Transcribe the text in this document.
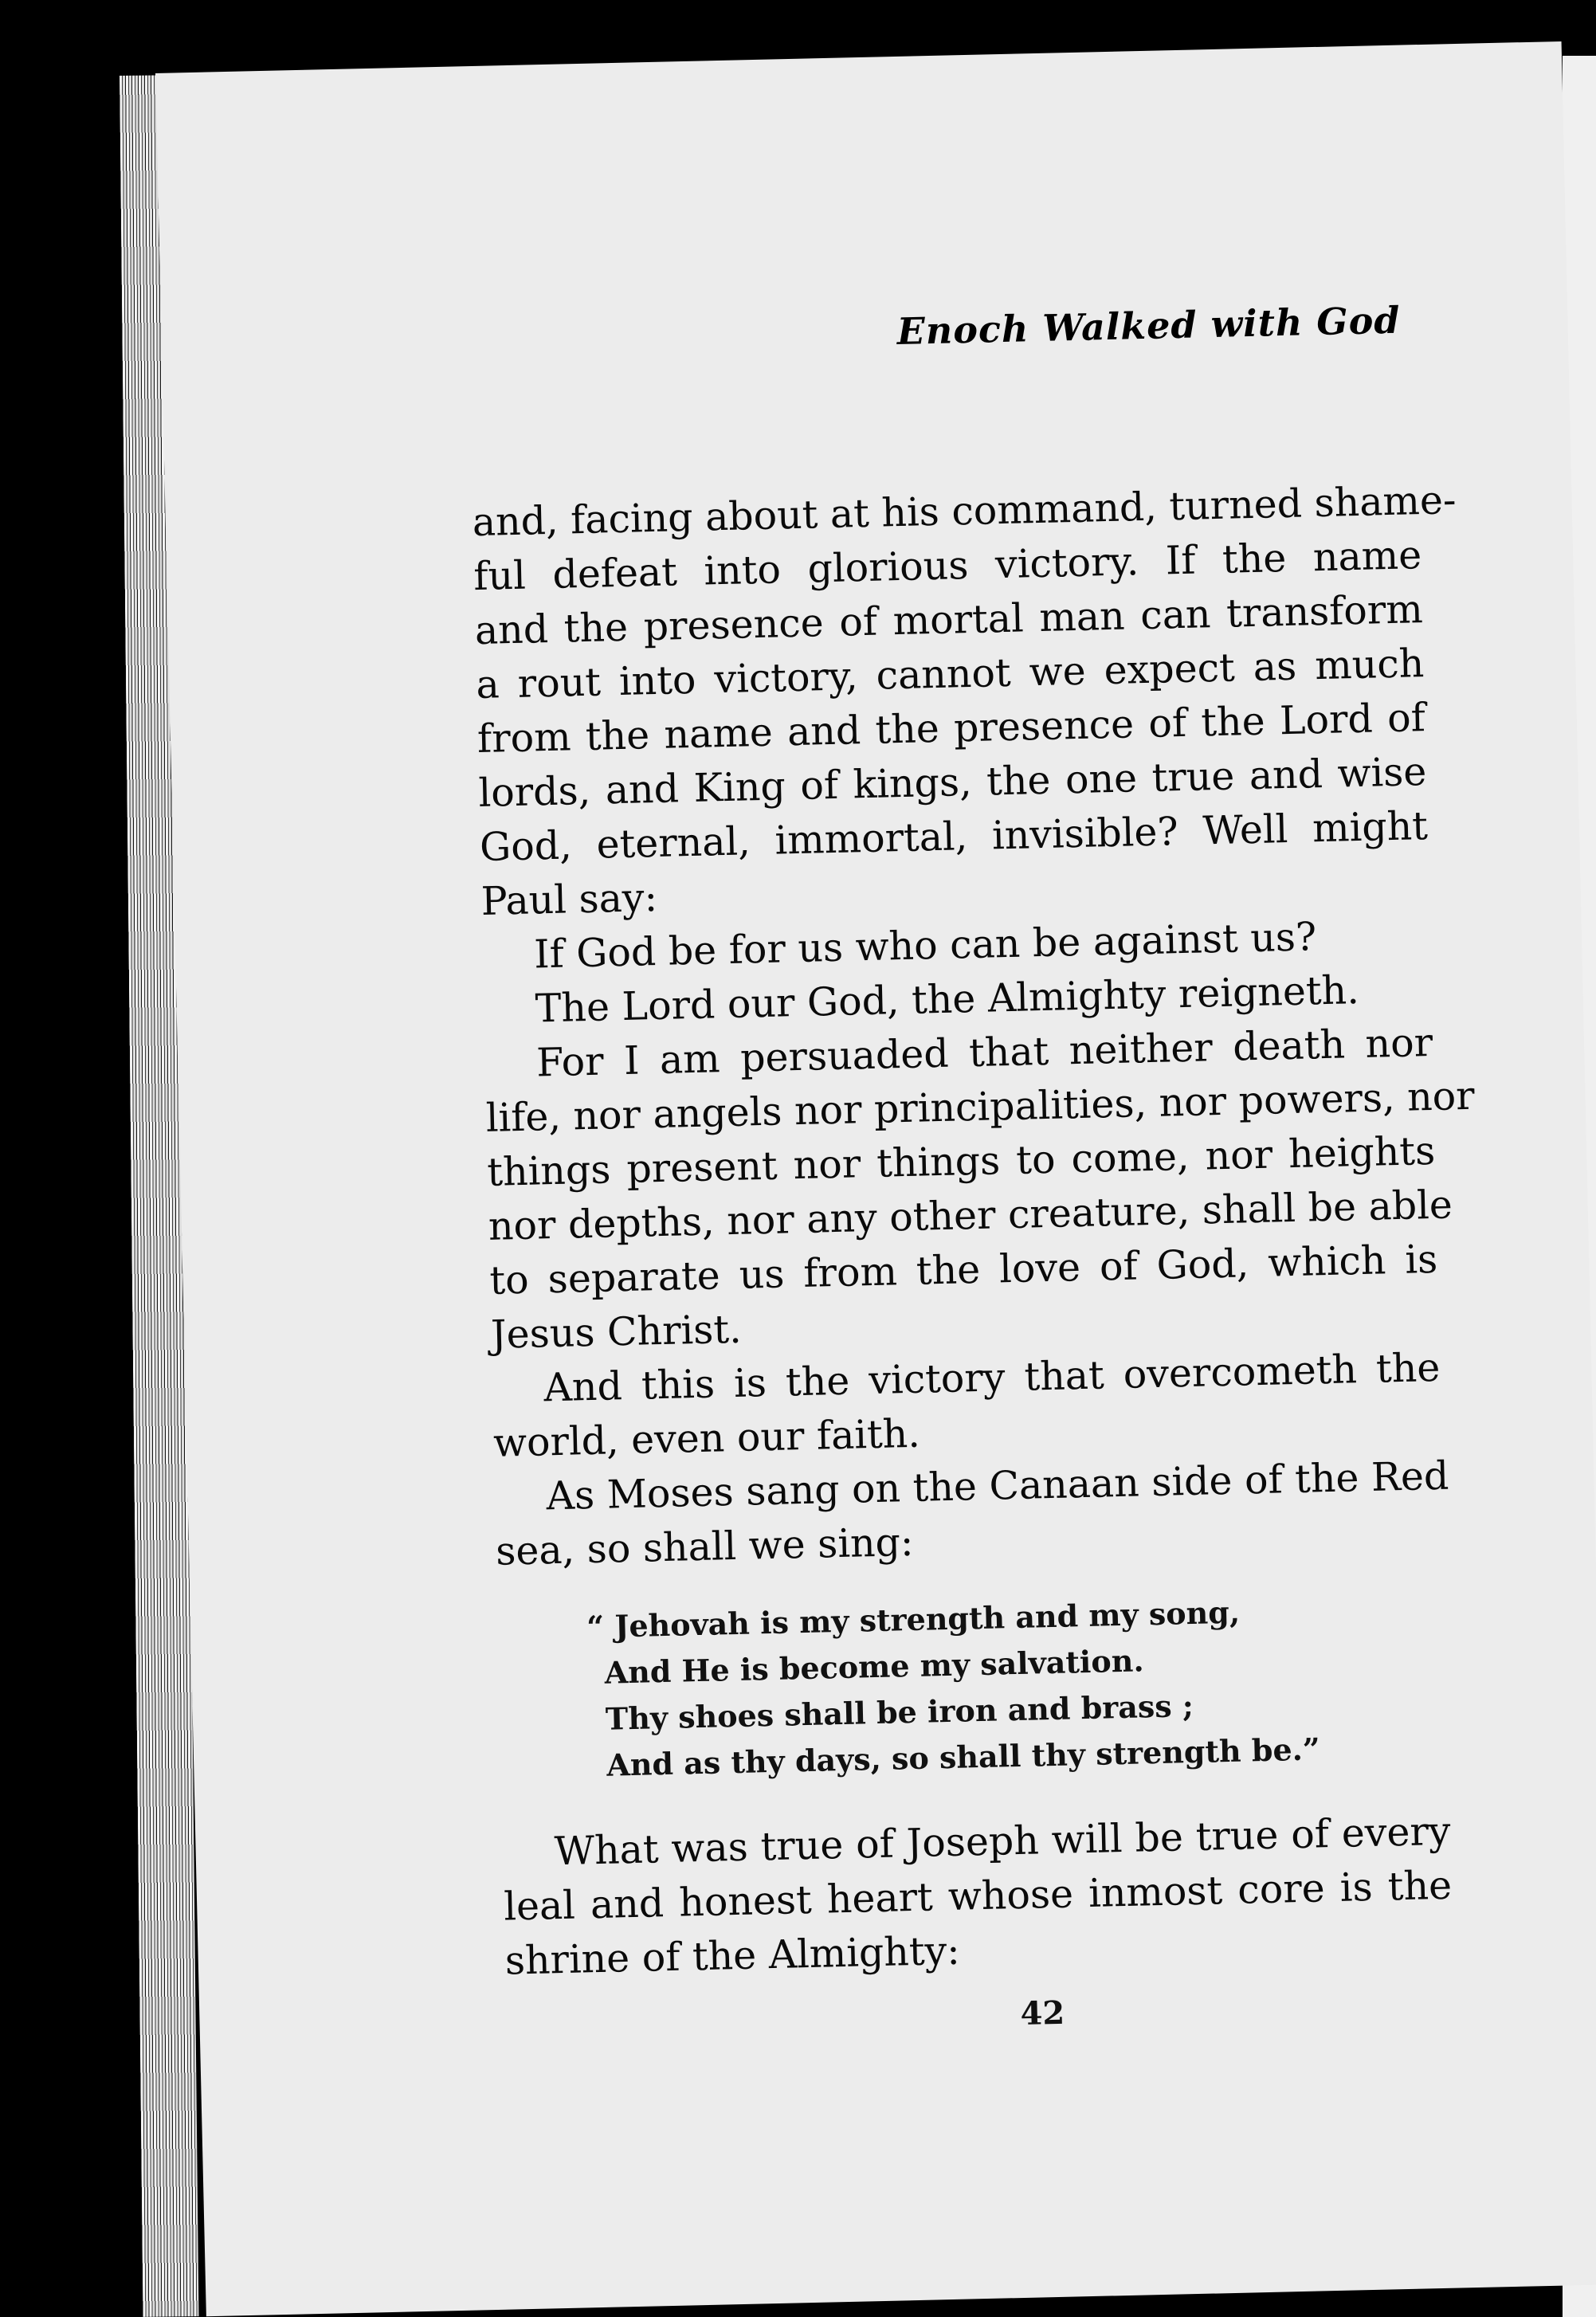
Enoch Walked with God
and, facing about at his command, turned shame-
ful defeat into glorious victory. If the name
and the presence of mortal man can transform
a rout into victory, cannot we expect as much
from the name and the presence of the Lord of
lords, and King of kings, the one true and wise
God, eternal, immortal, invisible? Well might
Paul say:
If God be for us who can be against us?
The Lord our God, the Almighty reigneth.
For I am persuaded that neither death nor
life, nor angels nor principalities, nor powers, nor
things present nor things to come, nor heights
nor depths, nor any other creature, shall be able
to separate us from the love of God, which is
Jesus Christ.
And this is the victory that overcometh the
world, even our faith.
As Moses sang on the Canaan side of the Red
sea, so shall we sing:
“ Jehovah is my strength and my song,
And He is become my salvation.
Thy shoes shall be iron and brass ;
And as thy days, so shall thy strength be.”
What was true of Joseph will be true of every
leal and honest heart whose inmost core is the
shrine of the Almighty:
42
